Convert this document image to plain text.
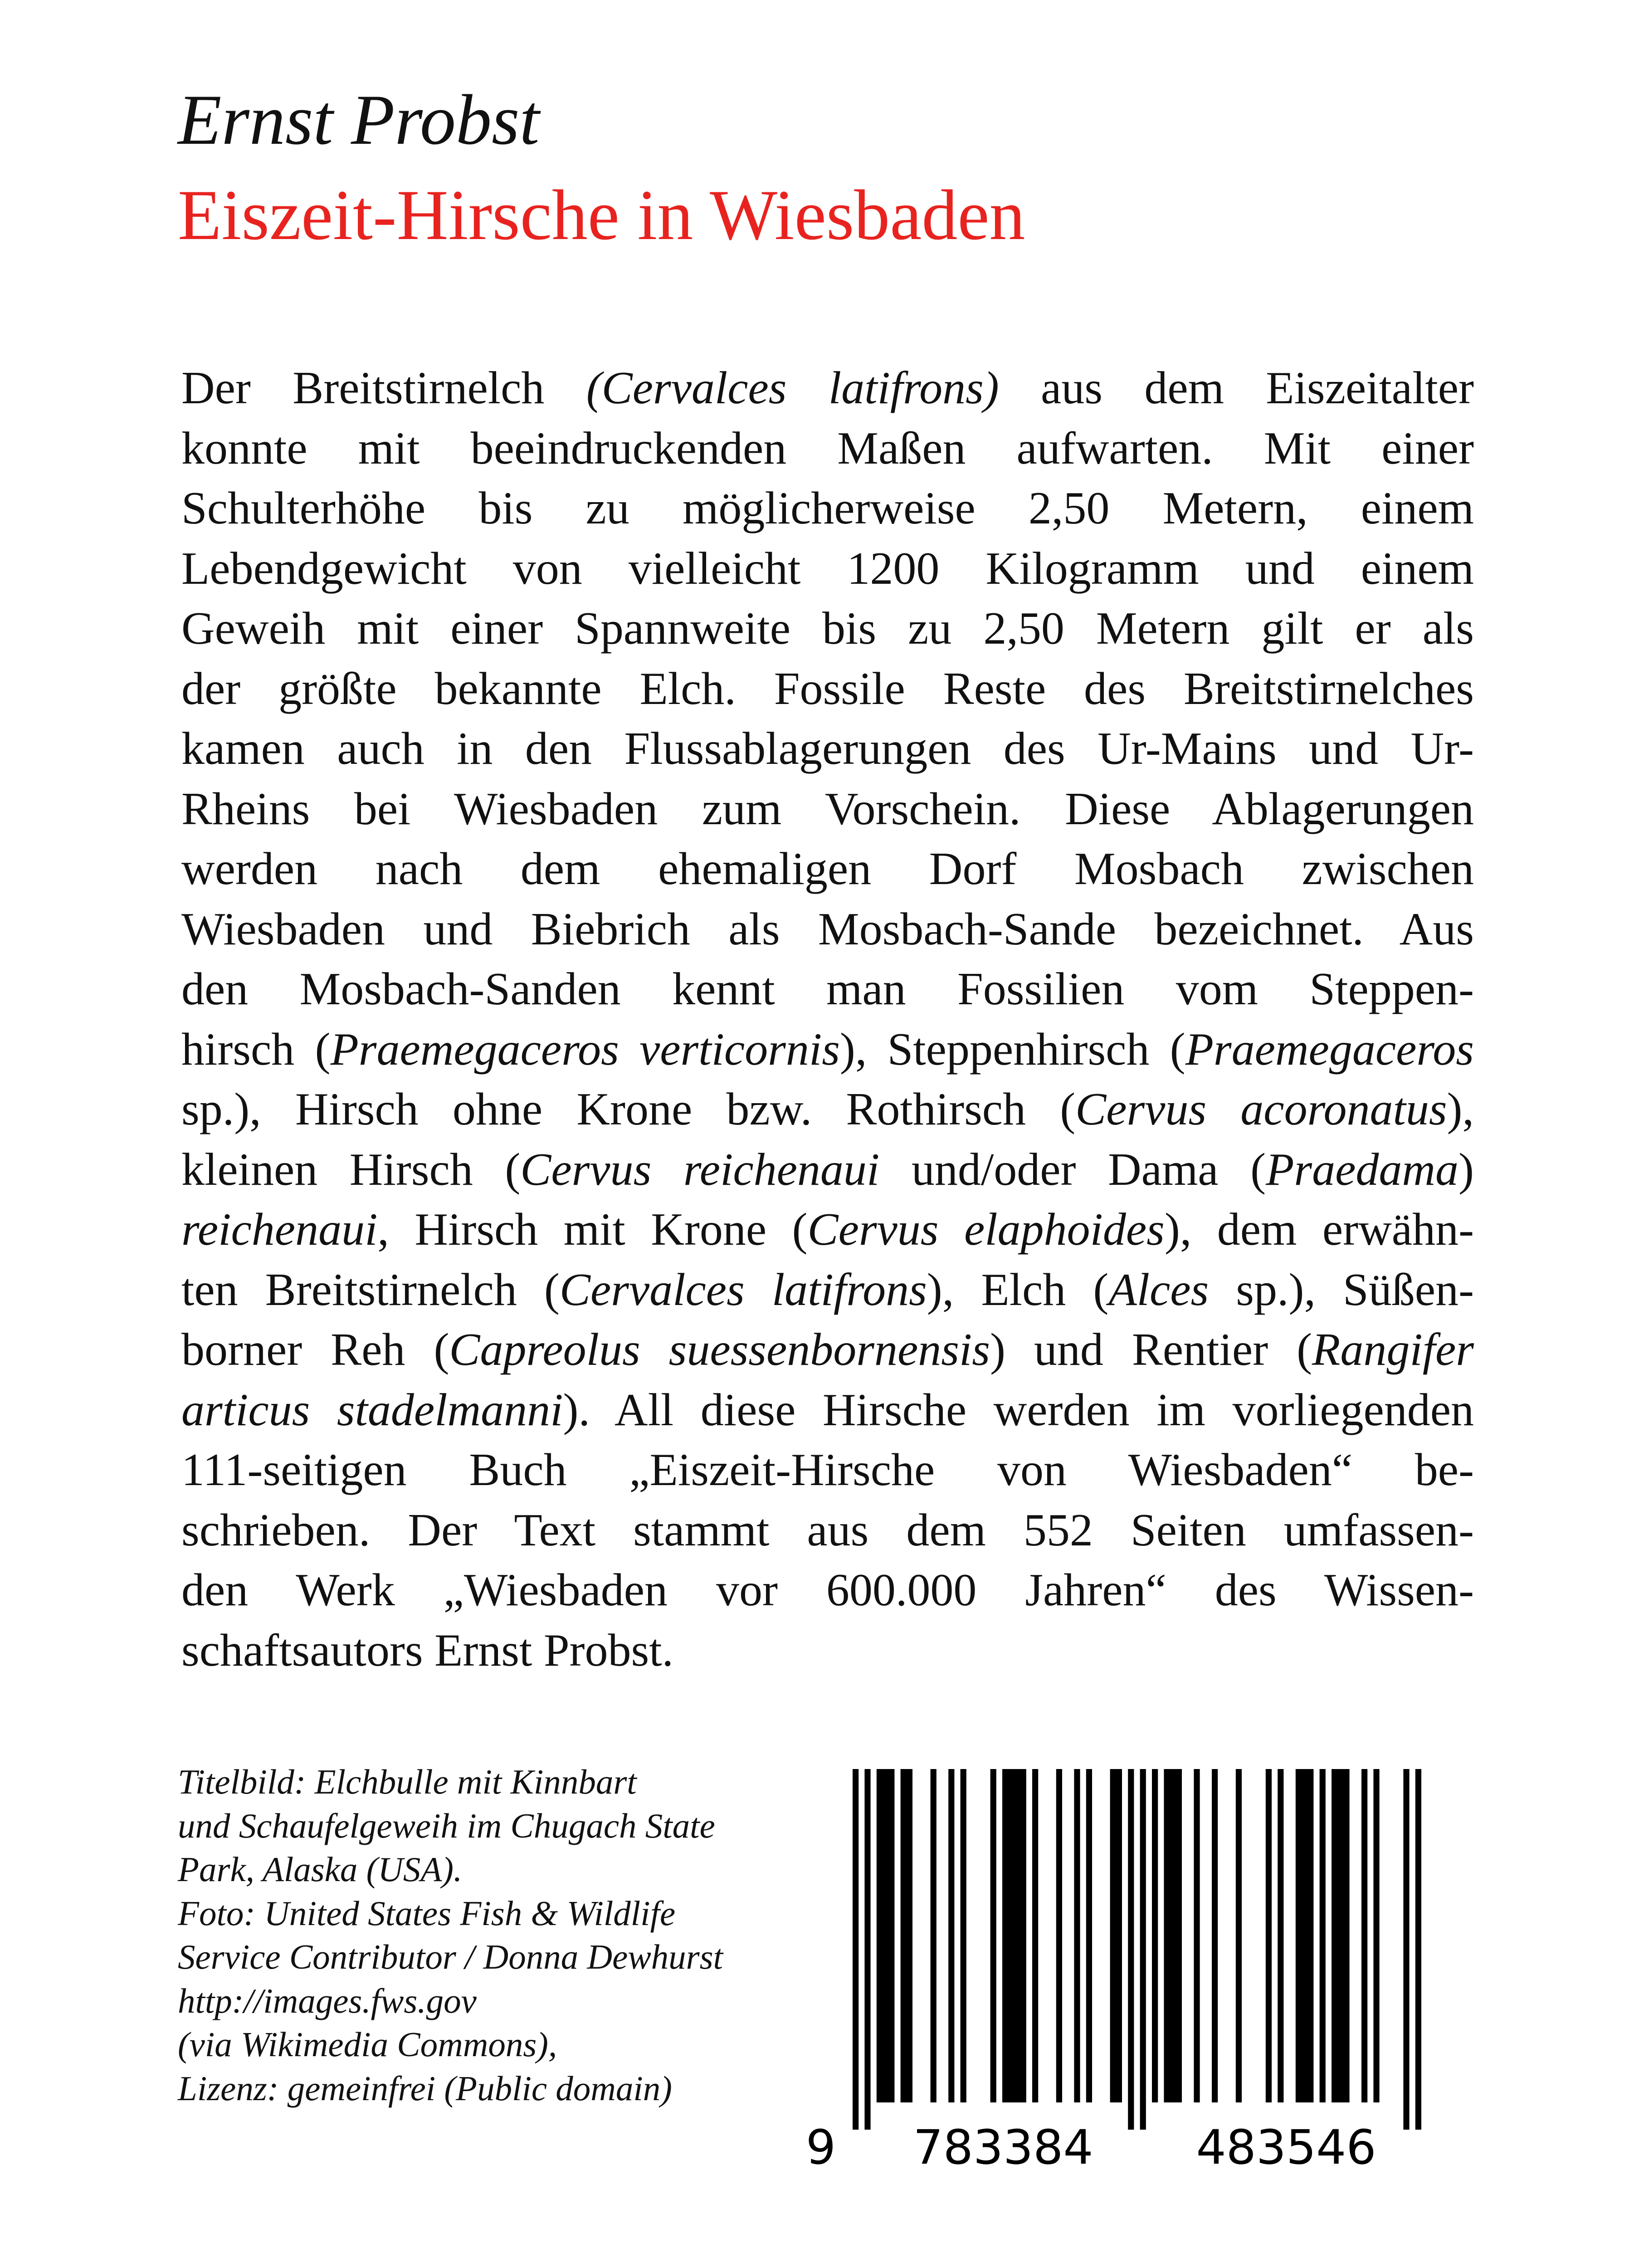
Ernst Probst
Eiszeit-Hirsche in Wiesbaden
Der Breitstirnelch (Cervalces latifrons) aus dem Eiszeitalter
konnte mit beeindruckenden Maßen aufwarten. Mit einer
Schulterhöhe bis zu möglicherweise 2,50 Metern, einem
Lebendgewicht von vielleicht 1200 Kilogramm und einem
Geweih mit einer Spannweite bis zu 2,50 Metern gilt er als
der größte bekannte Elch. Fossile Reste des Breitstirnelches
kamen auch in den Flussablagerungen des Ur-Mains und Ur-
Rheins bei Wiesbaden zum Vorschein. Diese Ablagerungen
werden nach dem ehemaligen Dorf Mosbach zwischen
Wiesbaden und Biebrich als Mosbach-Sande bezeichnet. Aus
den Mosbach-Sanden kennt man Fossilien vom Steppen-
hirsch (Praemegaceros verticornis), Steppenhirsch (Praemegaceros
sp.), Hirsch ohne Krone bzw. Rothirsch (Cervus acoronatus),
kleinen Hirsch (Cervus reichenaui und/oder Dama (Praedama)
reichenaui, Hirsch mit Krone (Cervus elaphoides), dem erwähn-
ten Breitstirnelch (Cervalces latifrons), Elch (Alces sp.), Süßen-
borner Reh (Capreolus suessenbornensis) und Rentier (Rangifer
articus stadelmanni). All diese Hirsche werden im vorliegenden
111-seitigen Buch „Eiszeit-Hirsche von Wiesbaden“ be-
schrieben. Der Text stammt aus dem 552 Seiten umfassen-
den Werk „Wiesbaden vor 600.000 Jahren“ des Wissen-
schaftsautors Ernst Probst.
Titelbild: Elchbulle mit Kinnbart
und Schaufelgeweih im Chugach State
Park, Alaska (USA).
Foto: United States Fish & Wildlife
Service Contributor / Donna Dewhurst
http://images.fws.gov
(via Wikimedia Commons),
Lizenz: gemeinfrei (Public domain)
9 783384 483546
